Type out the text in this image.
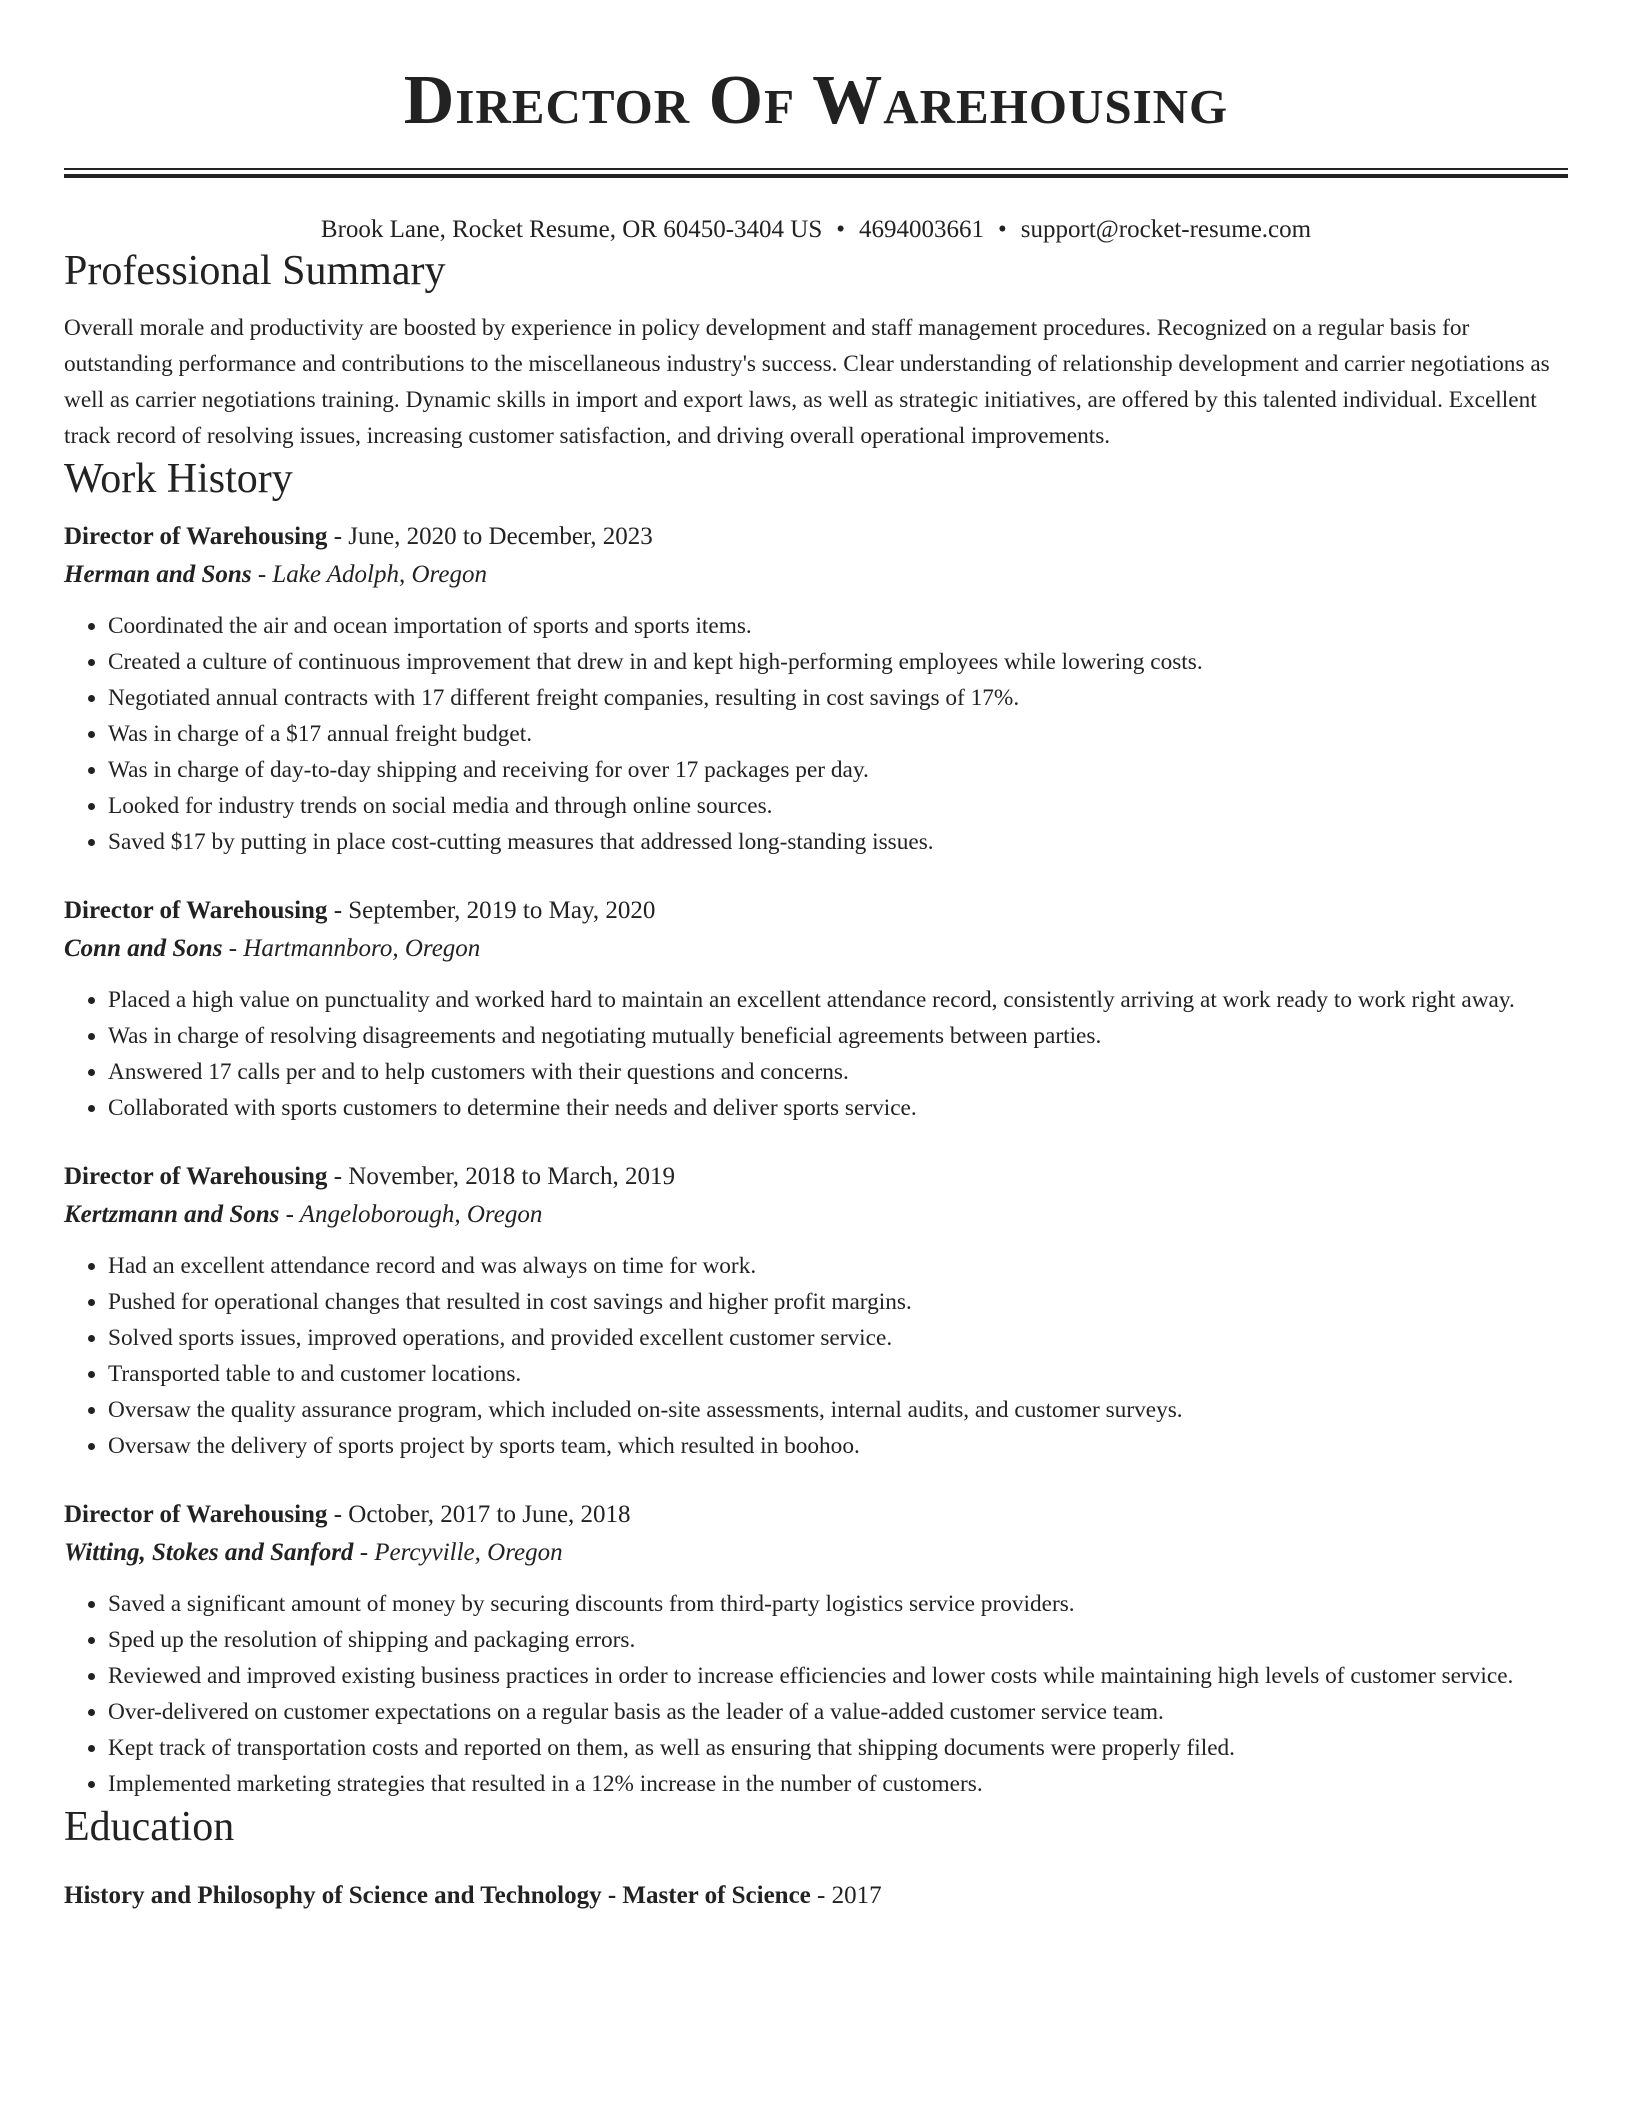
Director Of Warehousing
Brook Lane, Rocket Resume, OR 60450-3404 US • 4694003661 • support@rocket-resume.com
Professional Summary
Overall morale and productivity are boosted by experience in policy development and staff management procedures. Recognized on a regular basis for outstanding performance and contributions to the miscellaneous industry's success. Clear understanding of relationship development and carrier negotiations as well as carrier negotiations training. Dynamic skills in import and export laws, as well as strategic initiatives, are offered by this talented individual. Excellent track record of resolving issues, increasing customer satisfaction, and driving overall operational improvements.
Work History
Director of Warehousing - June, 2020 to December, 2023
Herman and Sons - Lake Adolph, Oregon
• Coordinated the air and ocean importation of sports and sports items.
• Created a culture of continuous improvement that drew in and kept high-performing employees while lowering costs.
• Negotiated annual contracts with 17 different freight companies, resulting in cost savings of 17%.
• Was in charge of a $17 annual freight budget.
• Was in charge of day-to-day shipping and receiving for over 17 packages per day.
• Looked for industry trends on social media and through online sources.
• Saved $17 by putting in place cost-cutting measures that addressed long-standing issues.
Director of Warehousing - September, 2019 to May, 2020
Conn and Sons - Hartmannboro, Oregon
• Placed a high value on punctuality and worked hard to maintain an excellent attendance record, consistently arriving at work ready to work right away.
• Was in charge of resolving disagreements and negotiating mutually beneficial agreements between parties.
• Answered 17 calls per and to help customers with their questions and concerns.
• Collaborated with sports customers to determine their needs and deliver sports service.
Director of Warehousing - November, 2018 to March, 2019
Kertzmann and Sons - Angeloborough, Oregon
• Had an excellent attendance record and was always on time for work.
• Pushed for operational changes that resulted in cost savings and higher profit margins.
• Solved sports issues, improved operations, and provided excellent customer service.
• Transported table to and customer locations.
• Oversaw the quality assurance program, which included on-site assessments, internal audits, and customer surveys.
• Oversaw the delivery of sports project by sports team, which resulted in boohoo.
Director of Warehousing - October, 2017 to June, 2018
Witting, Stokes and Sanford - Percyville, Oregon
• Saved a significant amount of money by securing discounts from third-party logistics service providers.
• Sped up the resolution of shipping and packaging errors.
• Reviewed and improved existing business practices in order to increase efficiencies and lower costs while maintaining high levels of customer service.
• Over-delivered on customer expectations on a regular basis as the leader of a value-added customer service team.
• Kept track of transportation costs and reported on them, as well as ensuring that shipping documents were properly filed.
• Implemented marketing strategies that resulted in a 12% increase in the number of customers.
Education
History and Philosophy of Science and Technology - Master of Science - 2017
